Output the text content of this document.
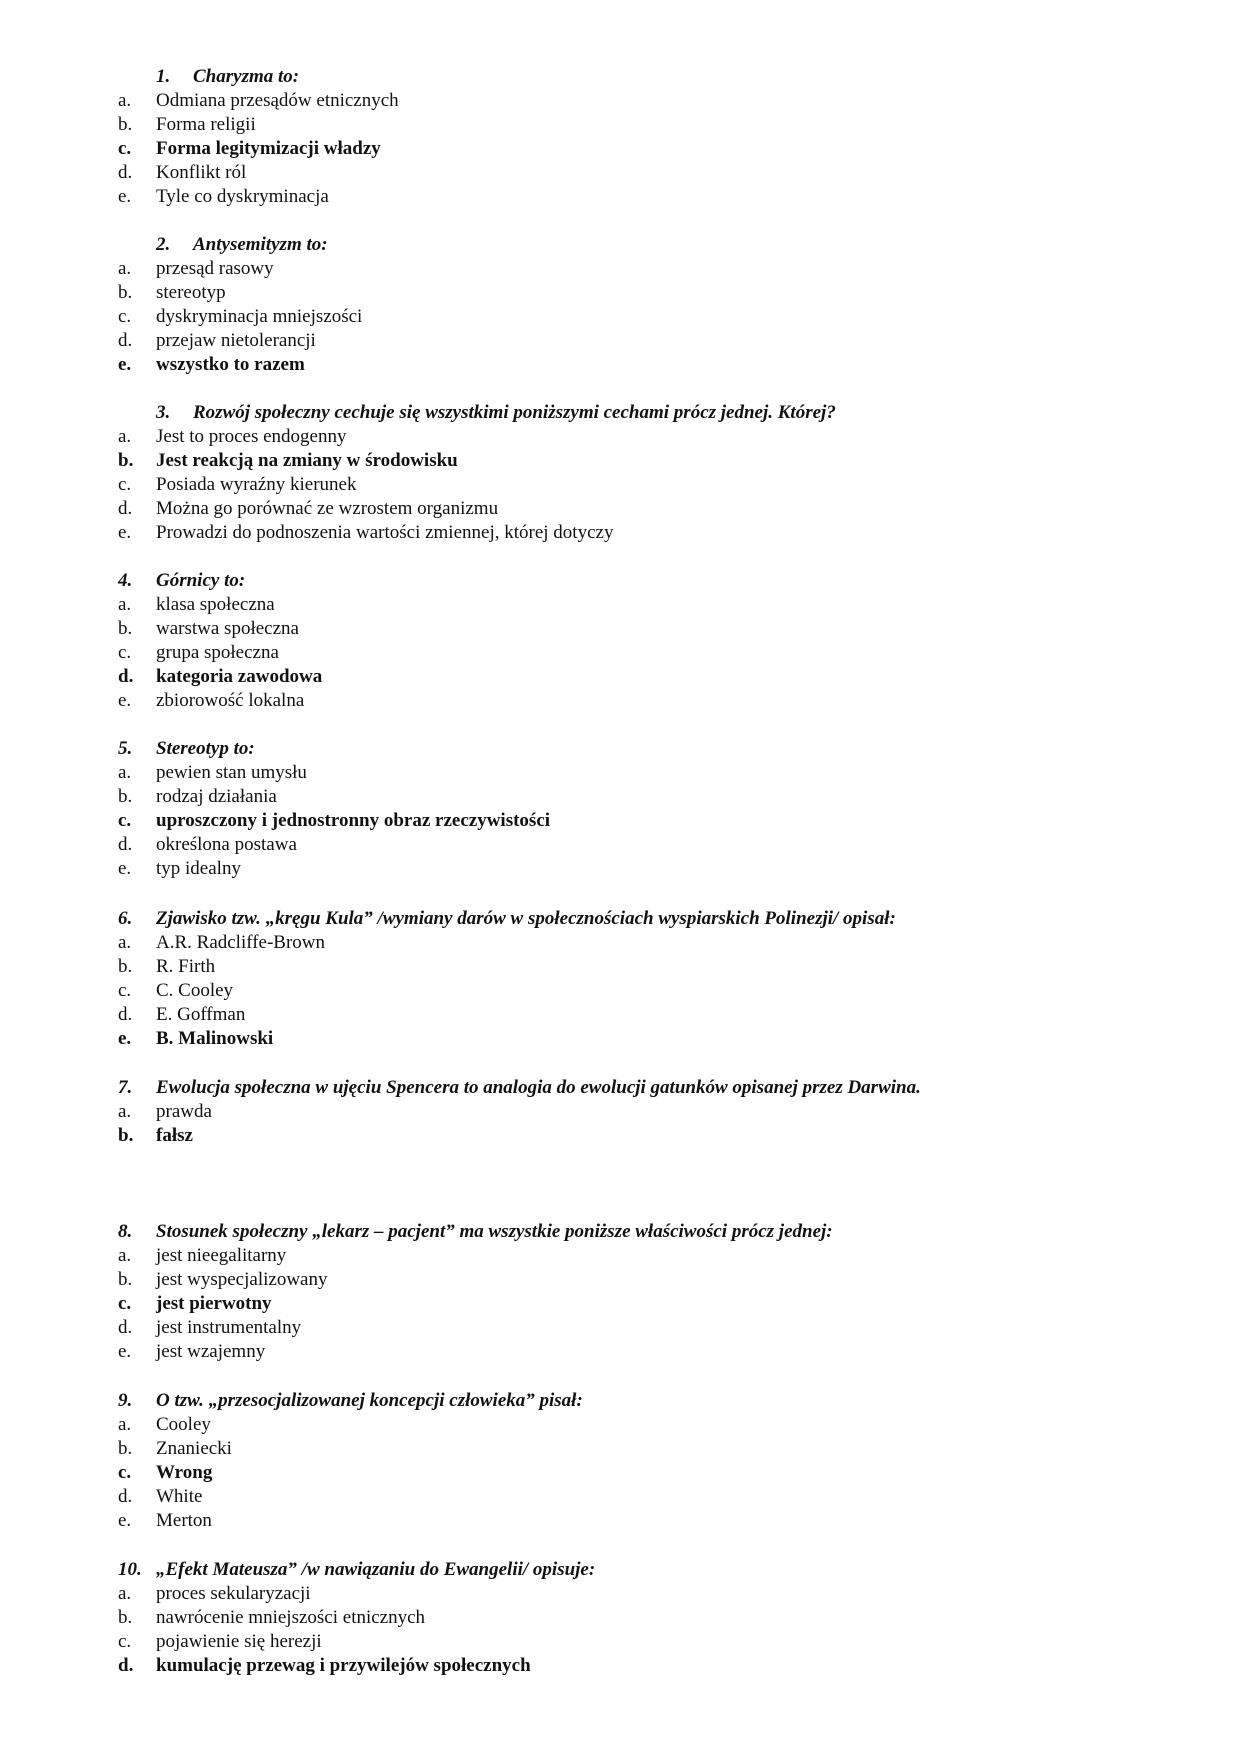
1. Charyzma to:
a. Odmiana przesądów etnicznych
b. Forma religii
c. Forma legitymizacji władzy
d. Konflikt ról
e. Tyle co dyskryminacja
2. Antysemityzm to:
a. przesąd rasowy
b. stereotyp
c. dyskryminacja mniejszości
d. przejaw nietolerancji
e. wszystko to razem
3. Rozwój społeczny cechuje się wszystkimi poniższymi cechami prócz jednej. Której?
a. Jest to proces endogenny
b. Jest reakcją na zmiany w środowisku
c. Posiada wyraźny kierunek
d. Można go porównać ze wzrostem organizmu
e. Prowadzi do podnoszenia wartości zmiennej, której dotyczy
4. Górnicy to:
a. klasa społeczna
b. warstwa społeczna
c. grupa społeczna
d. kategoria zawodowa
e. zbiorowość lokalna
5. Stereotyp to:
a. pewien stan umysłu
b. rodzaj działania
c. uproszczony i jednostronny obraz rzeczywistości
d. określona postawa
e. typ idealny
6. Zjawisko tzw. „kręgu Kula” /wymiany darów w społecznościach wyspiarskich Polinezji/ opisał:
a. A.R. Radcliffe-Brown
b. R. Firth
c. C. Cooley
d. E. Goffman
e. B. Malinowski
7. Ewolucja społeczna w ujęciu Spencera to analogia do ewolucji gatunków opisanej przez Darwina.
a. prawda
b. fałsz
8. Stosunek społeczny „lekarz – pacjent” ma wszystkie poniższe właściwości prócz jednej:
a. jest nieegalitarny
b. jest wyspecjalizowany
c. jest pierwotny
d. jest instrumentalny
e. jest wzajemny
9. O tzw. „przesocjalizowanej koncepcji człowieka” pisał:
a. Cooley
b. Znaniecki
c. Wrong
d. White
e. Merton
10. „Efekt Mateusza” /w nawiązaniu do Ewangelii/ opisuje:
a. proces sekularyzacji
b. nawrócenie mniejszości etnicznych
c. pojawienie się herezji
d. kumulację przewag i przywilejów społecznych
